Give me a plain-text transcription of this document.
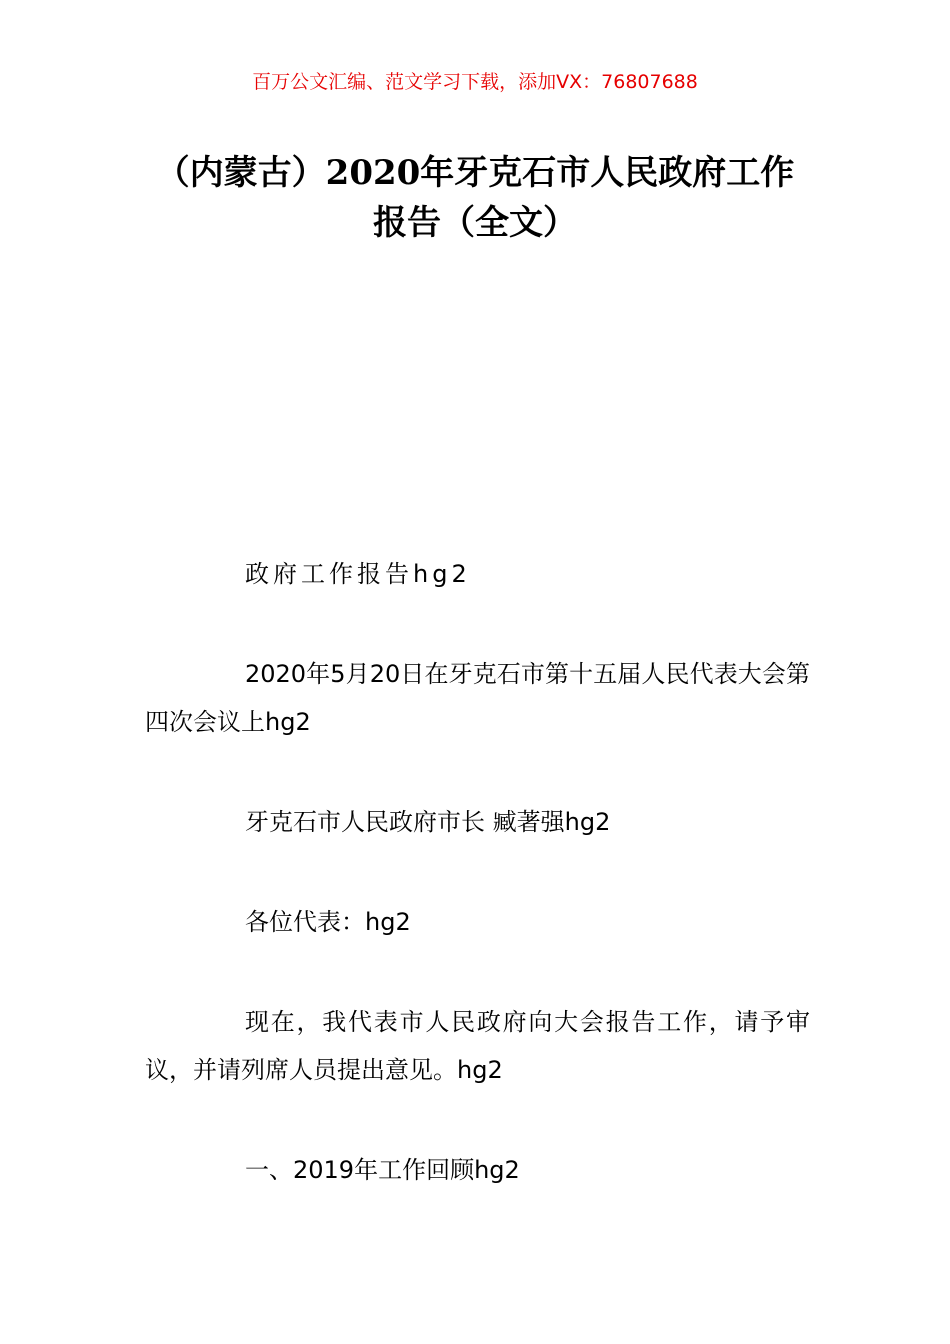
百万公文汇编、范文学习下载，添加VX：76807688
（内蒙古）2020年牙克石市人民政府工作
报告（全文）

政府工作报告hg2

2020年5月20日在牙克石市第十五届人民代表大会第四次会议上hg2

牙克石市人民政府市长 臧著强hg2

各位代表：hg2

现在，我代表市人民政府向大会报告工作，请予审议，并请列席人员提出意见。hg2

一、2019年工作回顾hg2
